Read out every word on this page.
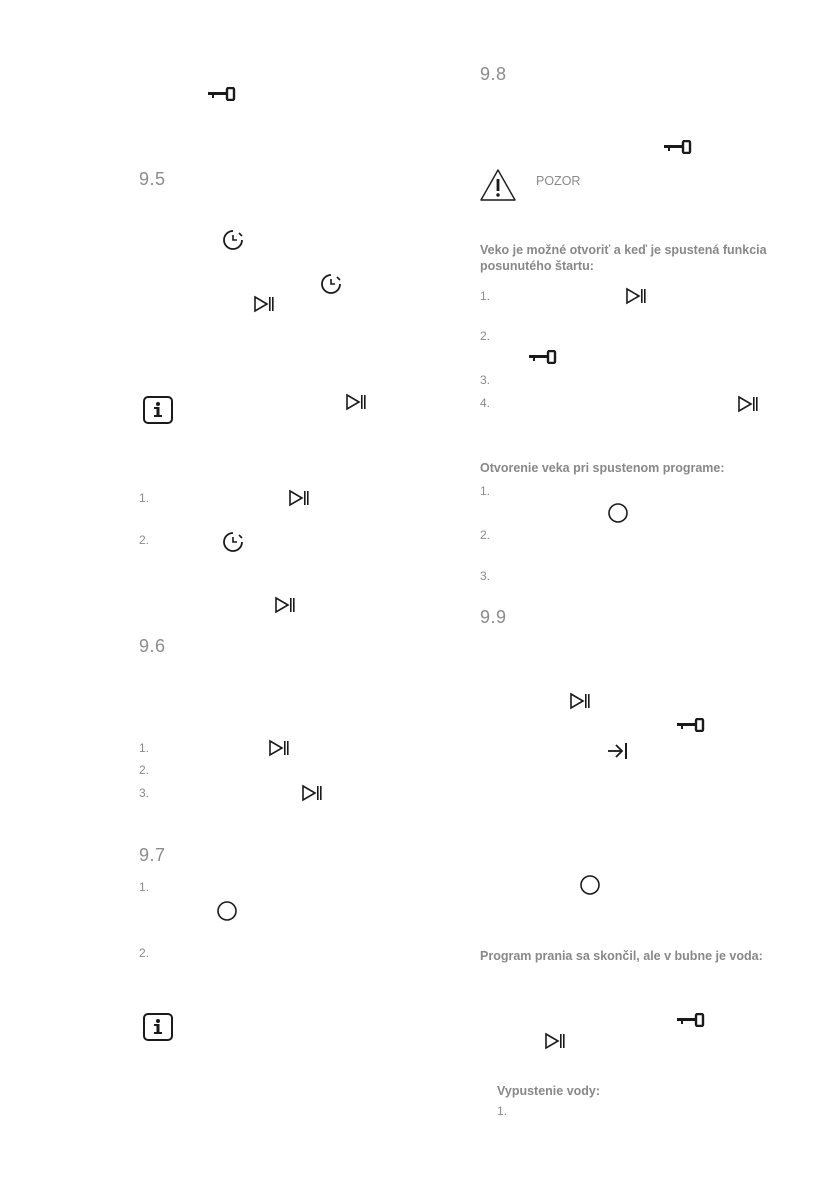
9.5
1.
2.
9.6
1.
2.
3.
9.7
1.
2.
9.8
POZOR
Veko je možné otvoriť a keď je spustená funkcia posunutého štartu:
1.
2.
3.
4.
Otvorenie veka pri spustenom programe:
1.
2.
3.
9.9
Program prania sa skončil, ale v bubne je voda:
Vypustenie vody:
1.
